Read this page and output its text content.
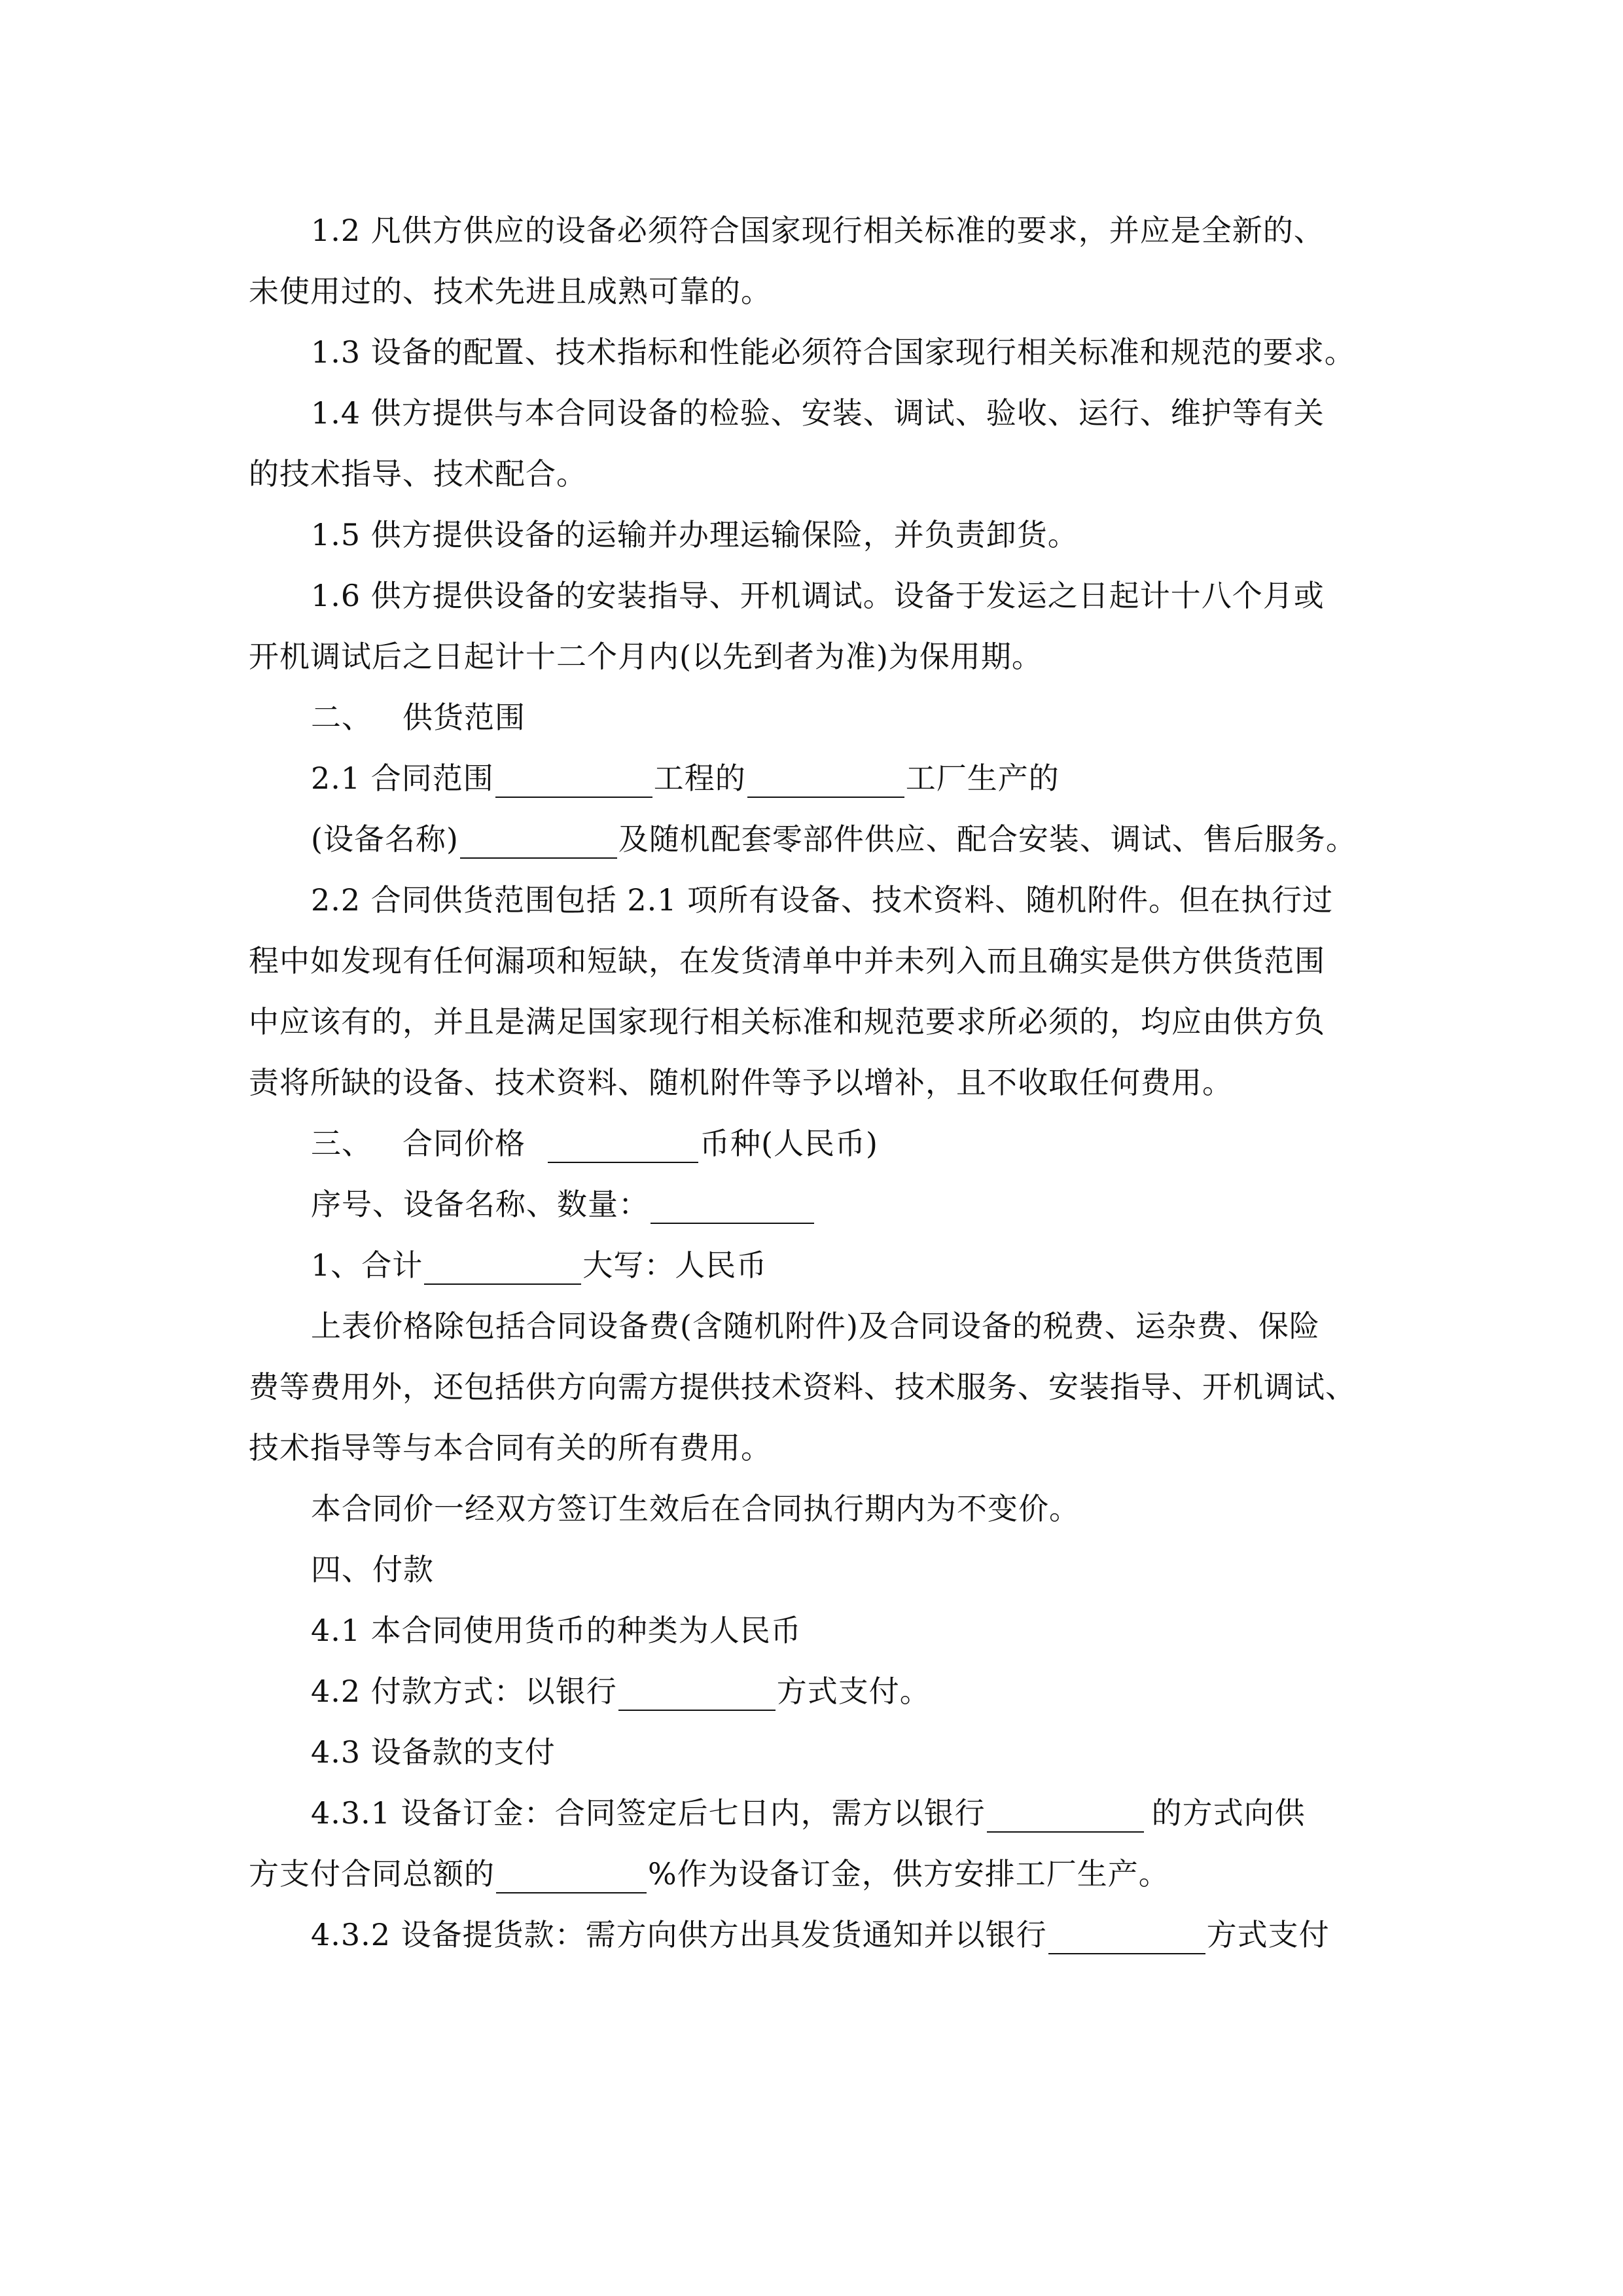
1.2 凡供方供应的设备必须符合国家现行相关标准的要求，并应是全新的、
未使用过的、技术先进且成熟可靠的。
1.3 设备的配置、技术指标和性能必须符合国家现行相关标准和规范的要求。
1.4 供方提供与本合同设备的检验、安装、调试、验收、运行、维护等有关
的技术指导、技术配合。
1.5 供方提供设备的运输并办理运输保险，并负责卸货。
1.6 供方提供设备的安装指导、开机调试。设备于发运之日起计十八个月或
开机调试后之日起计十二个月内(以先到者为准)为保用期。
二、 供货范围
2.1 合同范围	工程的	工厂生产的
(设备名称)	及随机配套零部件供应、配合安装、调试、售后服务。
2.2 合同供货范围包括 2.1 项所有设备、技术资料、随机附件。但在执行过
程中如发现有任何漏项和短缺，在发货清单中并未列入而且确实是供方供货范围
中应该有的，并且是满足国家现行相关标准和规范要求所必须的，均应由供方负
责将所缺的设备、技术资料、随机附件等予以增补，且不收取任何费用。
三、 合同价格	币种(人民币)
序号、设备名称、数量：
1、合计	大写：人民币
上表价格除包括合同设备费(含随机附件)及合同设备的税费、运杂费、保险
费等费用外，还包括供方向需方提供技术资料、技术服务、安装指导、开机调试、
技术指导等与本合同有关的所有费用。
本合同价一经双方签订生效后在合同执行期内为不变价。
四、付款
4.1 本合同使用货币的种类为人民币
4.2 付款方式：以银行	方式支付。
4.3 设备款的支付
4.3.1 设备订金：合同签定后七日内，需方以银行	的方式向供
方支付合同总额的	%作为设备订金，供方安排工厂生产。
4.3.2 设备提货款：需方向供方出具发货通知并以银行	方式支付
